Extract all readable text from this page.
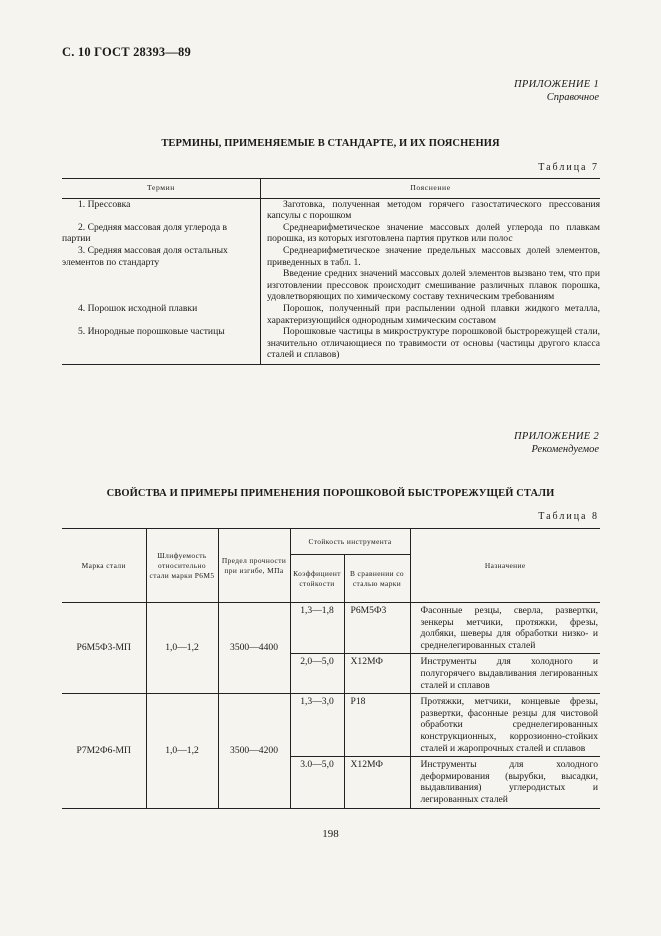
С. 10 ГОСТ 28393—89
ПРИЛОЖЕНИЕ 1
Справочное
ТЕРМИНЫ, ПРИМЕНЯЕМЫЕ В СТАНДАРТЕ, И ИХ ПОЯСНЕНИЯ
Таблица 7
Термин	Пояснение

1. Прессовка	Заготовка, полученная методом горячего газостатического прессования капсулы с порошком

2. Средняя массовая доля углерода в партии	Среднеарифметическое значение массовых долей углерода по плавкам порошка, из которых изготовлена партия прутков или полос

3. Средняя массовая доля остальных элементов по стандарту	Среднеарифметическое значение предельных массовых долей элементов, приведенных в табл. 1.
Введение средних значений массовых долей элементов вызвано тем, что при изготовлении прессовок происходит смешивание различных плавок порошка, удовлетворяющих по химическому составу техническим требованиям

4. Порошок исходной плавки	Порошок, полученный при распылении одной плавки жидкого металла, характеризующийся однородным химическим составом

5. Инородные порошковые частицы	Порошковые частицы в микроструктуре порошковой быстрорежущей стали, значительно отличающиеся по травимости от основы (частицы другого класса сталей и сплавов)

ПРИЛОЖЕНИЕ 2
Рекомендуемое
СВОЙСТВА И ПРИМЕРЫ ПРИМЕНЕНИЯ ПОРОШКОВОЙ БЫСТРОРЕЖУЩЕЙ СТАЛИ
Таблица 8
Марка стали	Шлифуемость относительно стали марки Р6М5	Предел прочности при изгибе, МПа	Стойкость инструмента		Назначение
			Коэффициент стойкости	В сравнении со сталью марки	
Р6М5Ф3-МП	1,0—1,2	3500—4400	1,3—1,8	Р6М5Ф3	Фасонные резцы, сверла, развертки, зенкеры метчики, протяжки, фрезы, долбяки, шеверы для обработки низко- и среднелегированных сталей
			2,0—5,0	Х12МФ	Инструменты для холодного и полугорячего выдавливания легированных сталей и сплавов
Р7М2Ф6-МП	1,0—1,2	3500—4200	1,3—3,0	Р18	Протяжки, метчики, концевые фрезы, развертки, фасонные резцы для чистовой обработки среднелегированных конструкционных, коррозионно-стойких сталей и жаропрочных сталей и сплавов
			3.0—5,0	Х12МФ	Инструменты для холодного деформирования (вырубки, высадки, выдавливания) углеродистых и легированных сталей
198
